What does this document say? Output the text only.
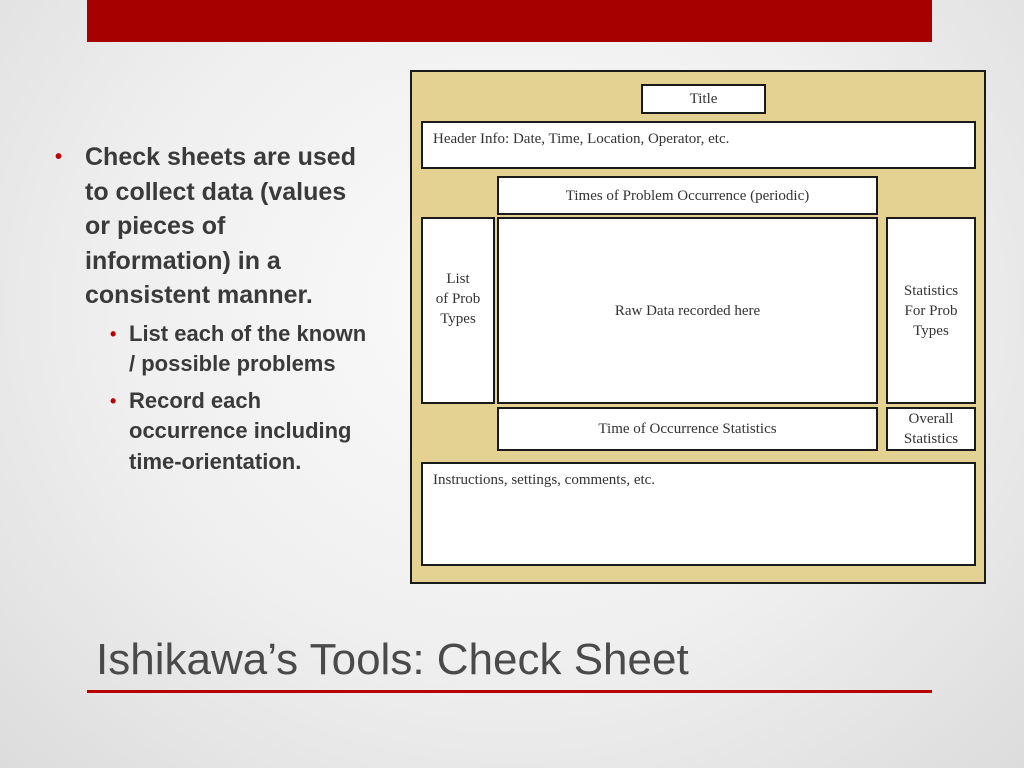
• Check sheets are used to collect data (values or pieces of information) in a consistent manner.
• List each of the known / possible problems
• Record each occurrence including time-orientation.
Title
Header Info: Date, Time, Location, Operator, etc.
Times of Problem Occurrence (periodic)
List
of Prob
Types
Raw Data recorded here
Statistics
For Prob
Types
Time of Occurrence Statistics
Overall
Statistics
Instructions, settings, comments, etc.
Ishikawa’s Tools: Check Sheet
